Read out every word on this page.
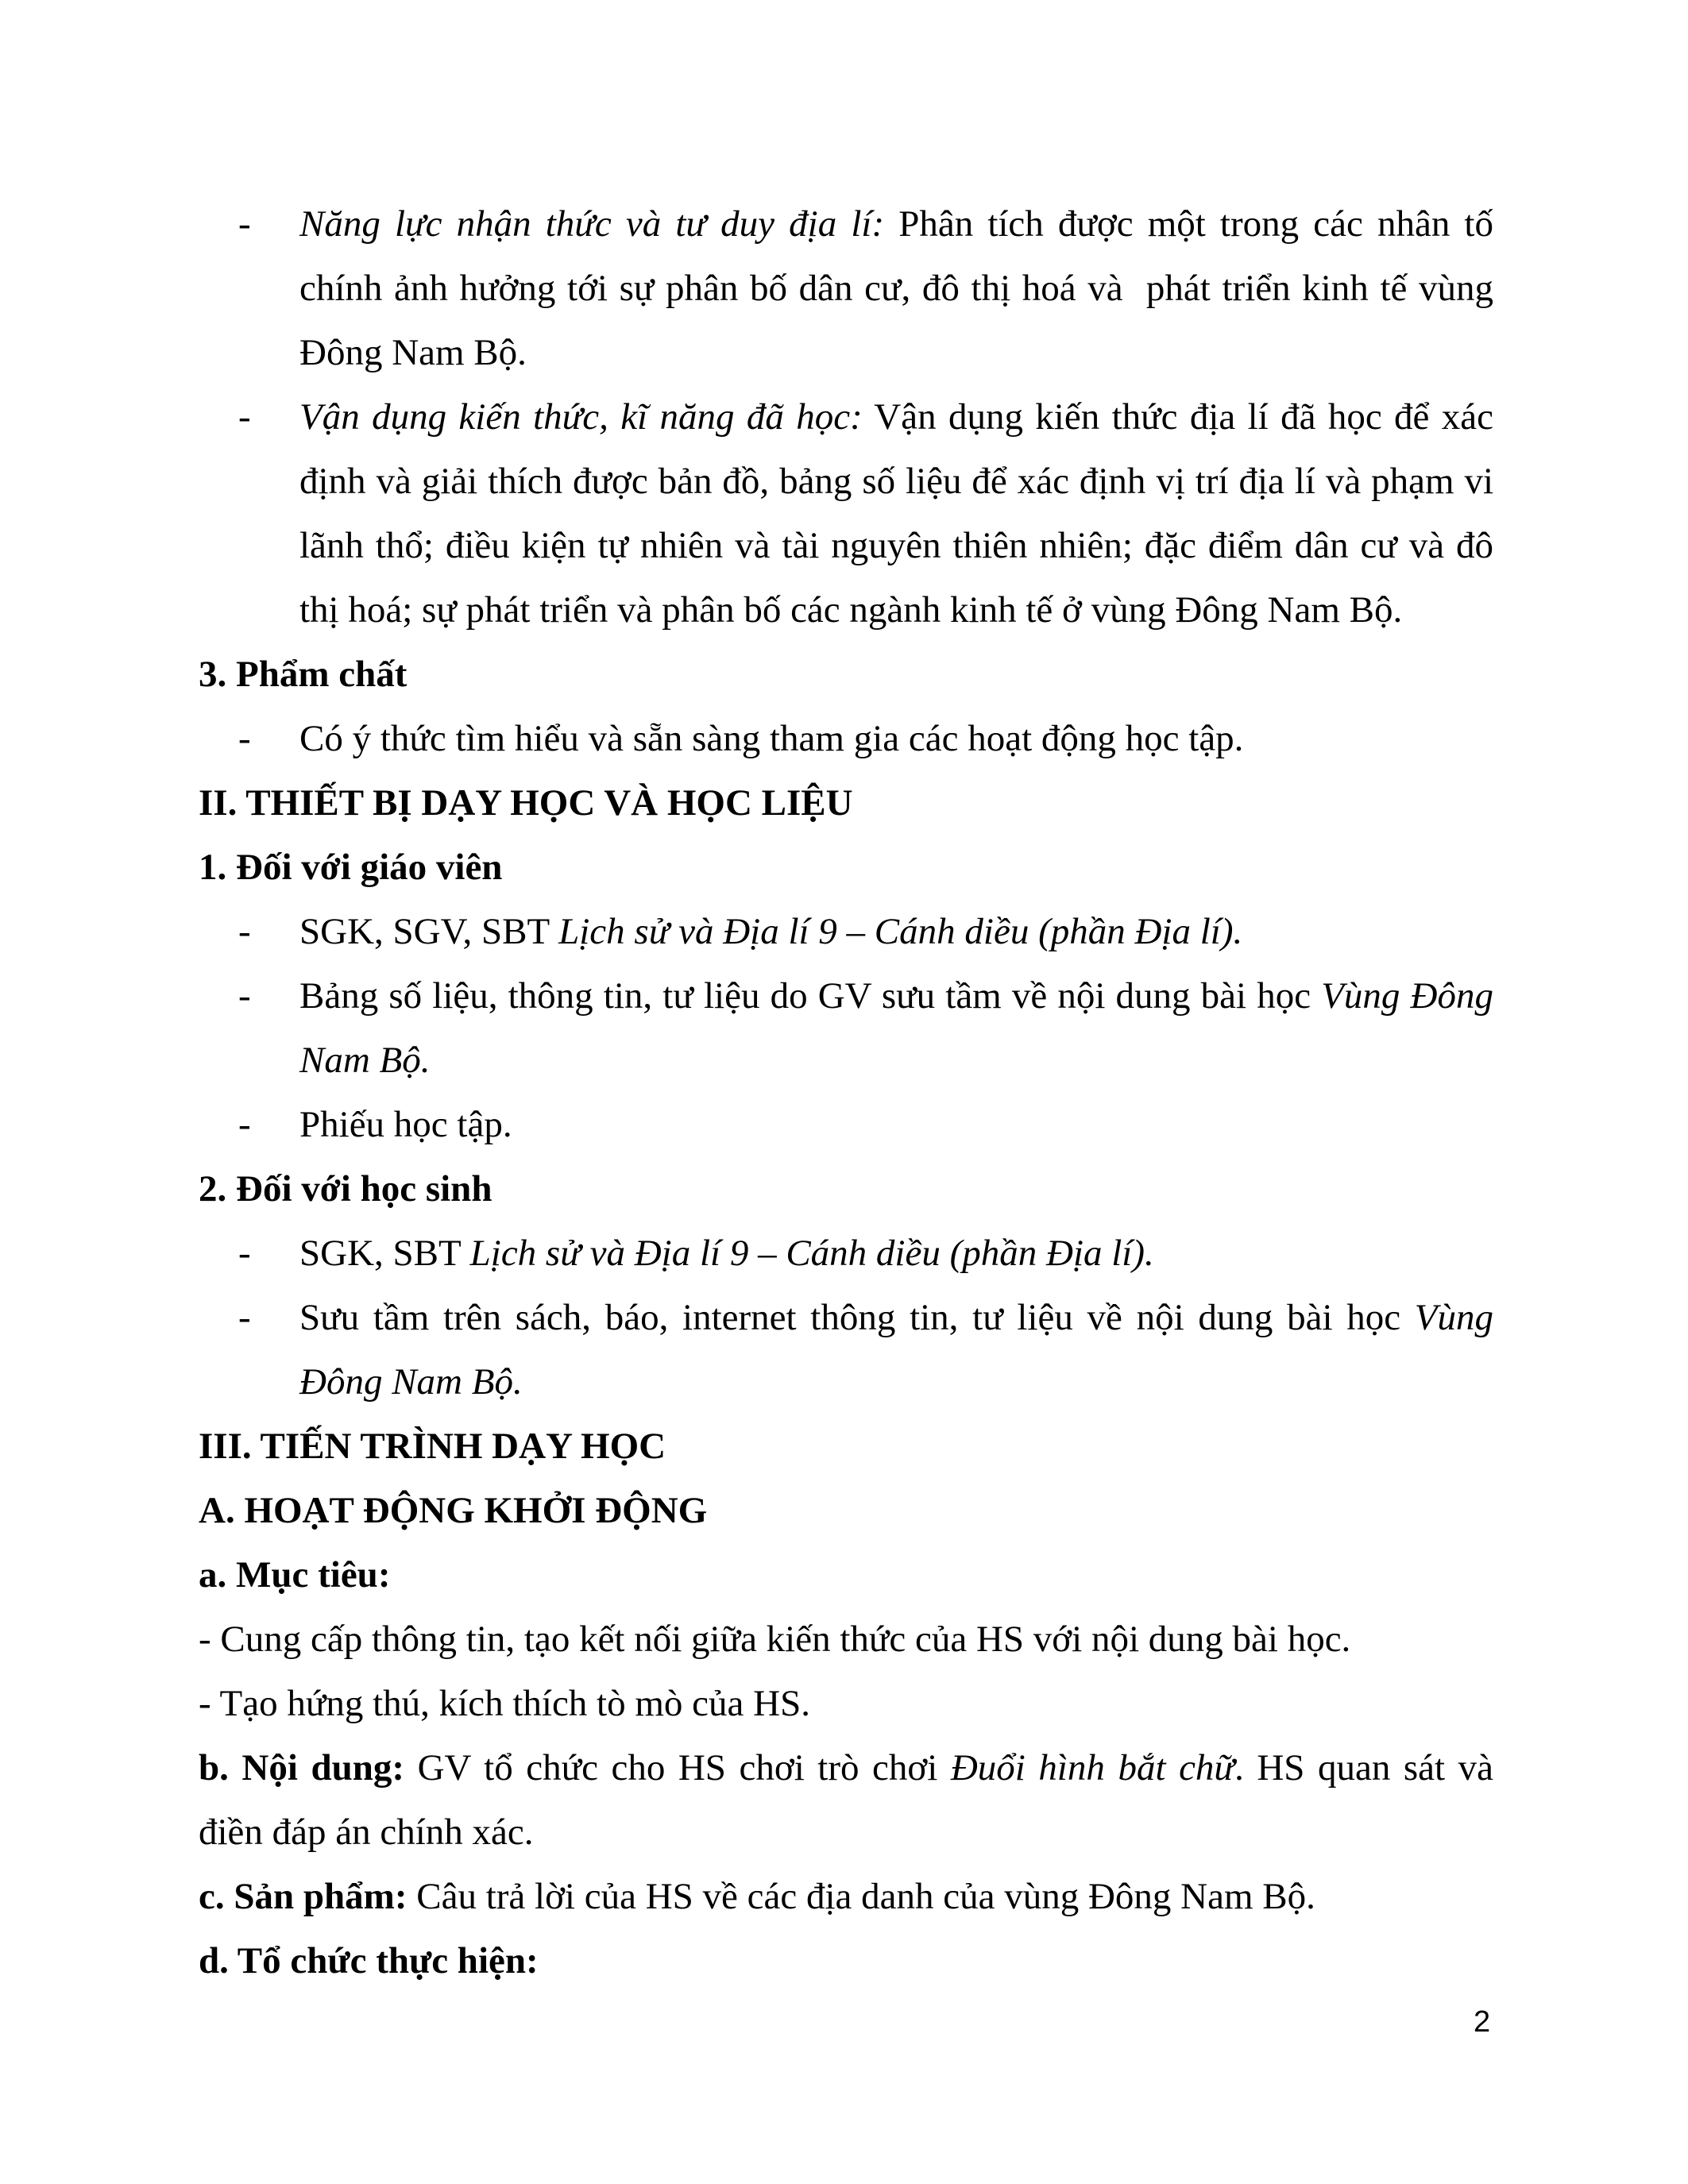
- Năng lực nhận thức và tư duy địa lí: Phân tích được một trong các nhân tố
chính ảnh hưởng tới sự phân bố dân cư, đô thị hoá và  phát triển kinh tế vùng
Đông Nam Bộ.
- Vận dụng kiến thức, kĩ năng đã học: Vận dụng kiến thức địa lí đã học để xác
định và giải thích được bản đồ, bảng số liệu để xác định vị trí địa lí và phạm vi
lãnh thổ; điều kiện tự nhiên và tài nguyên thiên nhiên; đặc điểm dân cư và đô
thị hoá; sự phát triển và phân bố các ngành kinh tế ở vùng Đông Nam Bộ.
3. Phẩm chất
- Có ý thức tìm hiểu và sẵn sàng tham gia các hoạt động học tập.
II. THIẾT BỊ DẠY HỌC VÀ HỌC LIỆU
1. Đối với giáo viên
- SGK, SGV, SBT Lịch sử và Địa lí 9 – Cánh diều (phần Địa lí).
- Bảng số liệu, thông tin, tư liệu do GV sưu tầm về nội dung bài học Vùng Đông
Nam Bộ.
- Phiếu học tập.
2. Đối với học sinh
- SGK, SBT Lịch sử và Địa lí 9 – Cánh diều (phần Địa lí).
- Sưu tầm trên sách, báo, internet thông tin, tư liệu về nội dung bài học Vùng
Đông Nam Bộ.
III. TIẾN TRÌNH DẠY HỌC
A. HOẠT ĐỘNG KHỞI ĐỘNG
a. Mục tiêu:
- Cung cấp thông tin, tạo kết nối giữa kiến thức của HS với nội dung bài học.
- Tạo hứng thú, kích thích tò mò của HS.
b. Nội dung: GV tổ chức cho HS chơi trò chơi Đuổi hình bắt chữ. HS quan sát và
điền đáp án chính xác.
c. Sản phẩm: Câu trả lời của HS về các địa danh của vùng Đông Nam Bộ.
d. Tổ chức thực hiện:
2
